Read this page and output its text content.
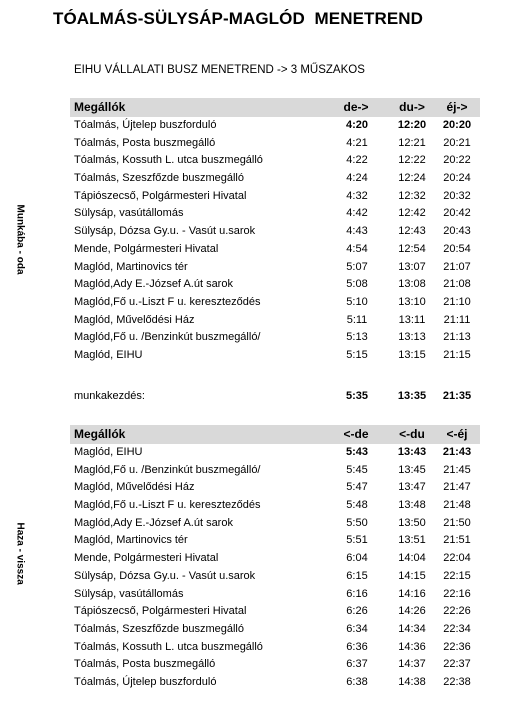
TÓALMÁS-SÜLYSÁP-MAGLÓD  MENETREND
EIHU VÁLLALATI BUSZ MENETREND -> 3 MŰSZAKOS
Munkába - oda
Haza - vissza
Megállók	de->	du->	éj->
Tóalmás, Újtelep buszforduló	4:20	12:20	20:20
Tóalmás, Posta buszmegálló	4:21	12:21	20:21
Tóalmás, Kossuth L. utca buszmegálló	4:22	12:22	20:22
Tóalmás, Szeszfőzde buszmegálló	4:24	12:24	20:24
Tápiószecső, Polgármesteri Hivatal	4:32	12:32	20:32
Sülysáp, vasútállomás	4:42	12:42	20:42
Sülysáp, Dózsa Gy.u. - Vasút u.sarok	4:43	12:43	20:43
Mende, Polgármesteri Hivatal	4:54	12:54	20:54
Maglód, Martinovics tér	5:07	13:07	21:07
Maglód,Ady E.-József A.út sarok	5:08	13:08	21:08
Maglód,Fő u.-Liszt F u. kereszteződés	5:10	13:10	21:10
Maglód, Művelődési Ház	5:11	13:11	21:11
Maglód,Fő u. /Benzinkút buszmegálló/	5:13	13:13	21:13
Maglód, EIHU	5:15	13:15	21:15
munkakezdés:	5:35	13:35	21:35
Megállók	<-de	<-du	<-éj
Maglód, EIHU	5:43	13:43	21:43
Maglód,Fő u. /Benzinkút buszmegálló/	5:45	13:45	21:45
Maglód, Művelődési Ház	5:47	13:47	21:47
Maglód,Fő u.-Liszt F u. kereszteződés	5:48	13:48	21:48
Maglód,Ady E.-József A.út sarok	5:50	13:50	21:50
Maglód, Martinovics tér	5:51	13:51	21:51
Mende, Polgármesteri Hivatal	6:04	14:04	22:04
Sülysáp, Dózsa Gy.u. - Vasút u.sarok	6:15	14:15	22:15
Sülysáp, vasútállomás	6:16	14:16	22:16
Tápiószecső, Polgármesteri Hivatal	6:26	14:26	22:26
Tóalmás, Szeszfőzde buszmegálló	6:34	14:34	22:34
Tóalmás, Kossuth L. utca buszmegálló	6:36	14:36	22:36
Tóalmás, Posta buszmegálló	6:37	14:37	22:37
Tóalmás, Újtelep buszforduló	6:38	14:38	22:38
